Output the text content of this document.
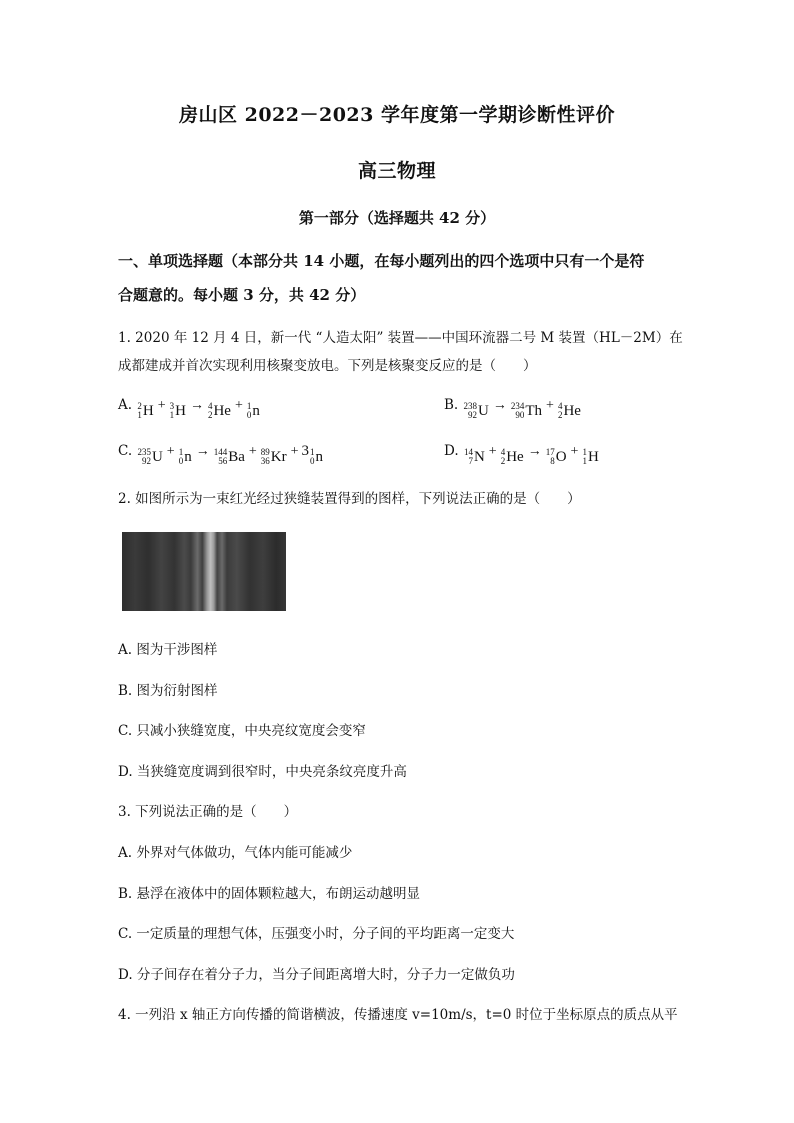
房山区 2022－2023 学年度第一学期诊断性评价
高三物理
第一部分（选择题共 42 分）
一、单项选择题（本部分共 14 小题，在每小题列出的四个选项中只有一个是符
合题意的。每小题 3 分，共 42 分）
1. 2020 年 12 月 4 日，新一代 “人造太阳” 装置——中国环流器二号 M 装置（HL－2M）在
成都建成并首次实现利用核聚变放电。下列是核聚变反应的是（　　）
A. 2
1 H + 3
1 H → 4
2 He + 1
0 n	B. 238
92 U → 234
90 Th + 4
2 He
C. 235
92 U + 1
0 n → 144
56 Ba + 89
36 Kr + 3 1
0 n	D. 14
7 N + 4
2 He → 17
8 O + 1
1 H
2. 如图所示为一束红光经过狭缝装置得到的图样，下列说法正确的是（　　）
A. 图为干涉图样
B. 图为衍射图样
C. 只减小狭缝宽度，中央亮纹宽度会变窄
D. 当狭缝宽度调到很窄时，中央亮条纹亮度升高
3. 下列说法正确的是（　　）
A. 外界对气体做功，气体内能可能减少
B. 悬浮在液体中的固体颗粒越大，布朗运动越明显
C. 一定质量的理想气体，压强变小时，分子间的平均距离一定变大
D. 分子间存在着分子力，当分子间距离增大时，分子力一定做负功
4. 一列沿 x 轴正方向传播的简谐横波，传播速度 v=10m/s，t=0 时位于坐标原点的质点从平
